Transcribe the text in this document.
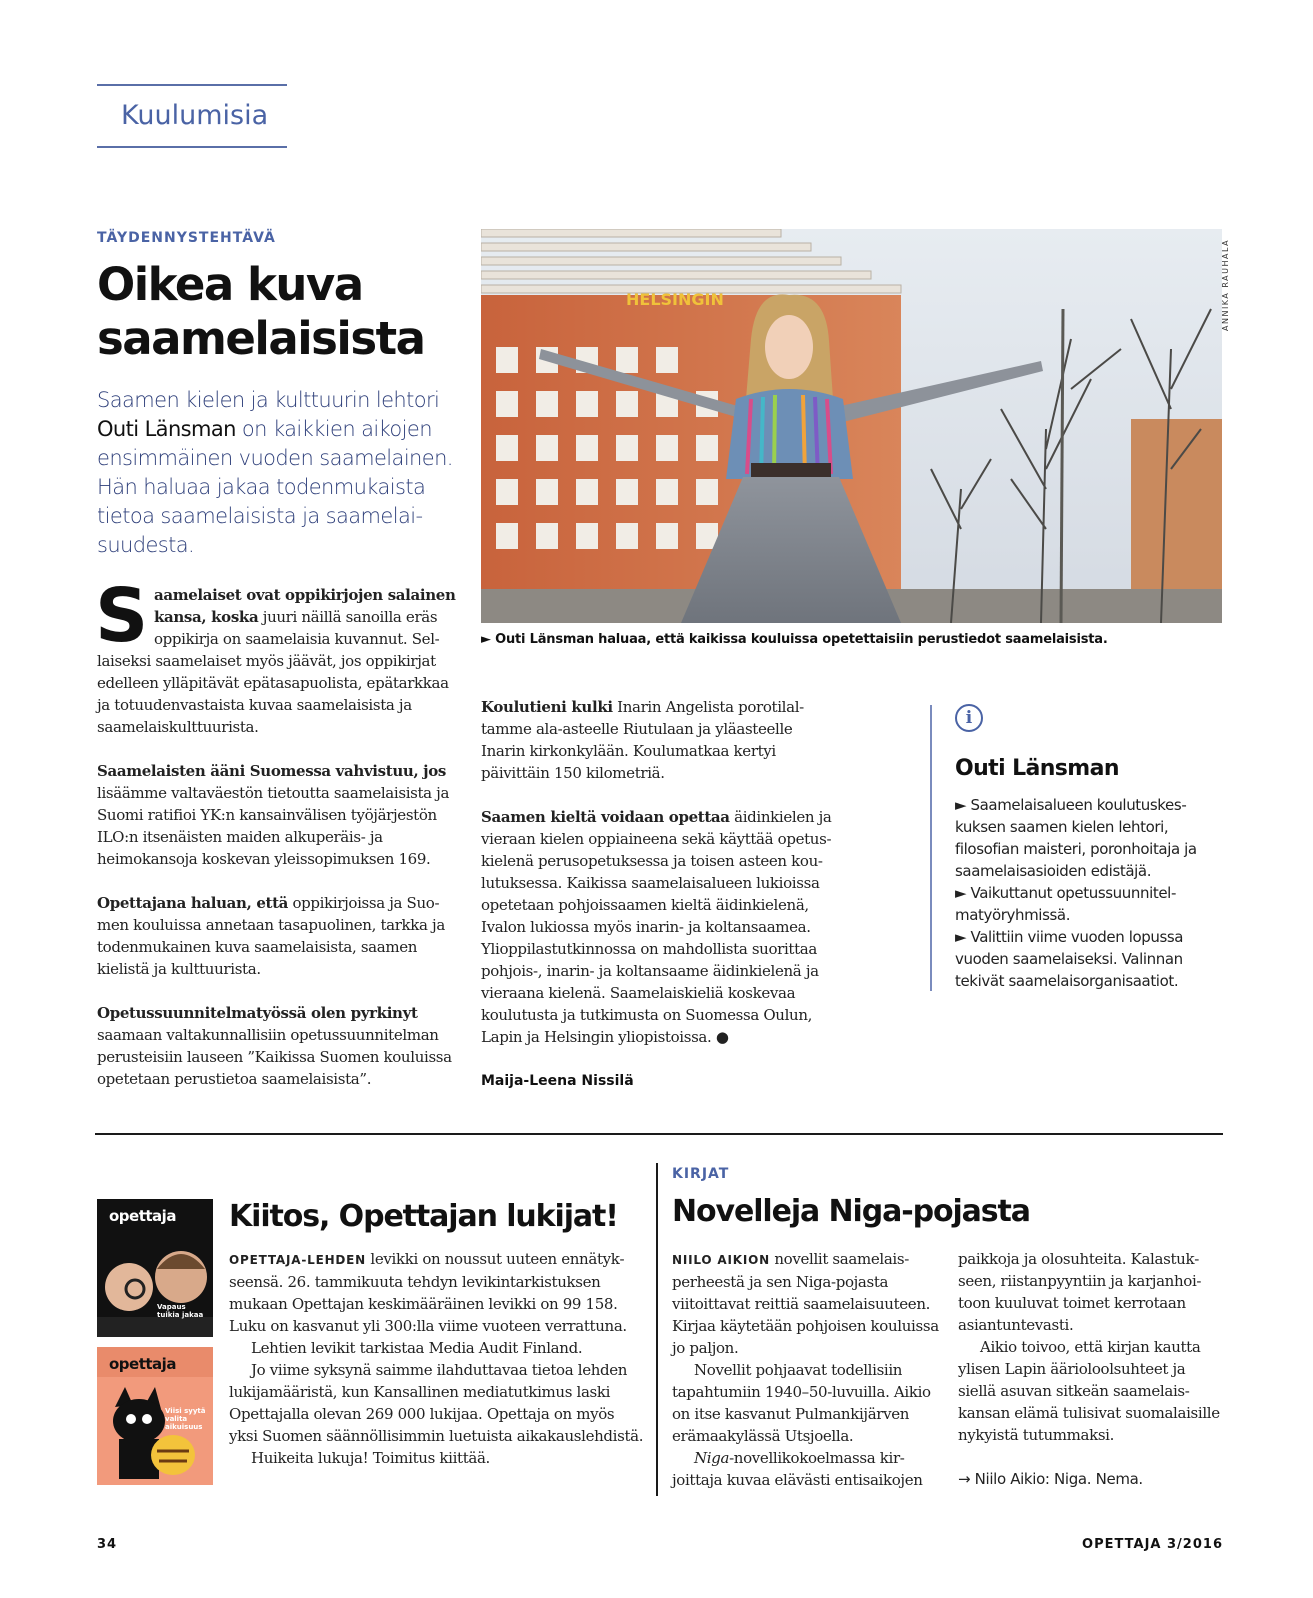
Kuulumisia
TÄYDENNYSTEHTÄVÄ
Oikea kuva
saamelaisista
Saamen kielen ja kulttuurin lehtori Outi Länsman on kaikkien aikojen ensimmäinen vuoden saamelainen. Hän haluaa jakaa todenmukaista tietoa saamelaisista ja saamelaisuudesta.

Saamelaiset ovat oppikirjojen salainen kansa, koska juuri näillä sanoilla eräs oppikirja on saamelaisia kuvannut. Sellaiseksi saamelaiset myös jäävät, jos oppikirjat edelleen ylläpitävät epätasapuolista, epätarkkaa ja totuudenvastaista kuvaa saamelaisista ja saamelaiskulttuurista.

Saamelaisten ääni Suomessa vahvistuu, jos lisäämme valtaväestön tietoutta saamelaisista ja Suomi ratifioi YK:n kansainvälisen työjärjestön ILO:n itsenäisten maiden alkuperäis- ja heimokansoja koskevan yleissopimuksen 169.

Opettajana haluan, että oppikirjoissa ja Suomen kouluissa annetaan tasapuolinen, tarkka ja todenmukainen kuva saamelaisista, saamen kielistä ja kulttuurista.

Opetussuunnitelmatyössä olen pyrkinyt saamaan valtakunnallisiin opetussuunnitelman perusteisiin lauseen ”Kaikissa Suomen kouluissa opetetaan perustietoa saamelaisista”.

HELSINGIN	ANNIKA RAUHALA
► Outi Länsman haluaa, että kaikissa kouluissa opetettaisiin perustiedot saamelaisista.

Koulutieni kulki Inarin Angelista porotilaltamme ala-asteelle Riutulaan ja yläasteelle Inarin kirkonkylään. Koulumatkaa kertyi päivittäin 150 kilometriä.

Saamen kieltä voidaan opettaa äidinkielen ja vieraan kielen oppiaineena sekä käyttää opetuskielenä perusopetuksessa ja toisen asteen koulutuksessa. Kaikissa saamelaisalueen lukioissa opetetaan pohjoissaamen kieltä äidinkielenä, Ivalon lukiossa myös inarin- ja koltansaamea. Ylioppilastutkinnossa on mahdollista suorittaa pohjois-, inarin- ja koltansaame äidinkielenä ja vieraana kielenä. Saamelaiskieliä koskevaa koulutusta ja tutkimusta on Suomessa Oulun, Lapin ja Helsingin yliopistoissa. ●

Maija-Leena Nissilä
i
Outi Länsman
► Saamelaisalueen koulutuskeskuksen saamen kielen lehtori, filosofian maisteri, poronhoitaja ja saamelaisasioiden edistäjä.
► Vaikuttanut opetussuunnitelmatyöryhmissä.
► Valittiin viime vuoden lopussa vuoden saamelaiseksi. Valinnan tekivät saamelaisorganisaatiot.
opettaja
Vapaus tuikia jakaa
opettaja
Viisi syytä valita aikuisuus
Kiitos, Opettajan lukijat!

OPETTAJA-LEHDEN levikki on noussut uuteen ennätykseensä. 26. tammikuuta tehdyn levikintarkistuksen mukaan Opettajan keskimääräinen levikki on 99 158. Luku on kasvanut yli 300:lla viime vuoteen verrattuna.

Lehtien levikit tarkistaa Media Audit Finland.

Jo viime syksynä saimme ilahduttavaa tietoa lehden lukijamääristä, kun Kansallinen mediatutkimus laski Opettajalla olevan 269 000 lukijaa. Opettaja on myös yksi Suomen säännöllisimmin luetuista aikakauslehdistä.

Huikeita lukuja! Toimitus kiittää.

KIRJAT
Novelleja Niga-pojasta

NIILO AIKION novellit saamelaisperheestä ja sen Niga-pojasta viitoittavat reittiä saamelaisuuteen. Kirjaa käytetään pohjoisen kouluissa jo paljon.

Novellit pohjaavat todellisiin tapahtumiin 1940–50-luvuilla. Aikio on itse kasvanut Pulmankijärven erämaakylässä Utsjoella.

Niga-novellikokoelmassa kirjoittaja kuvaa elävästi entisaikojen

paikkoja ja olosuhteita. Kalastukseen, riistanpyyntiin ja karjanhoitoon kuuluvat toimet kerrotaan asiantuntevasti.

Aikio toivoo, että kirjan kautta ylisen Lapin äärioloolsuhteet ja siellä asuvan sitkeän saamelaiskansan elämä tulisivat suomalaisille nykyistä tutummaksi.

→ Niilo Aikio: Niga. Nema.

34	OPETTAJA 3/2016
